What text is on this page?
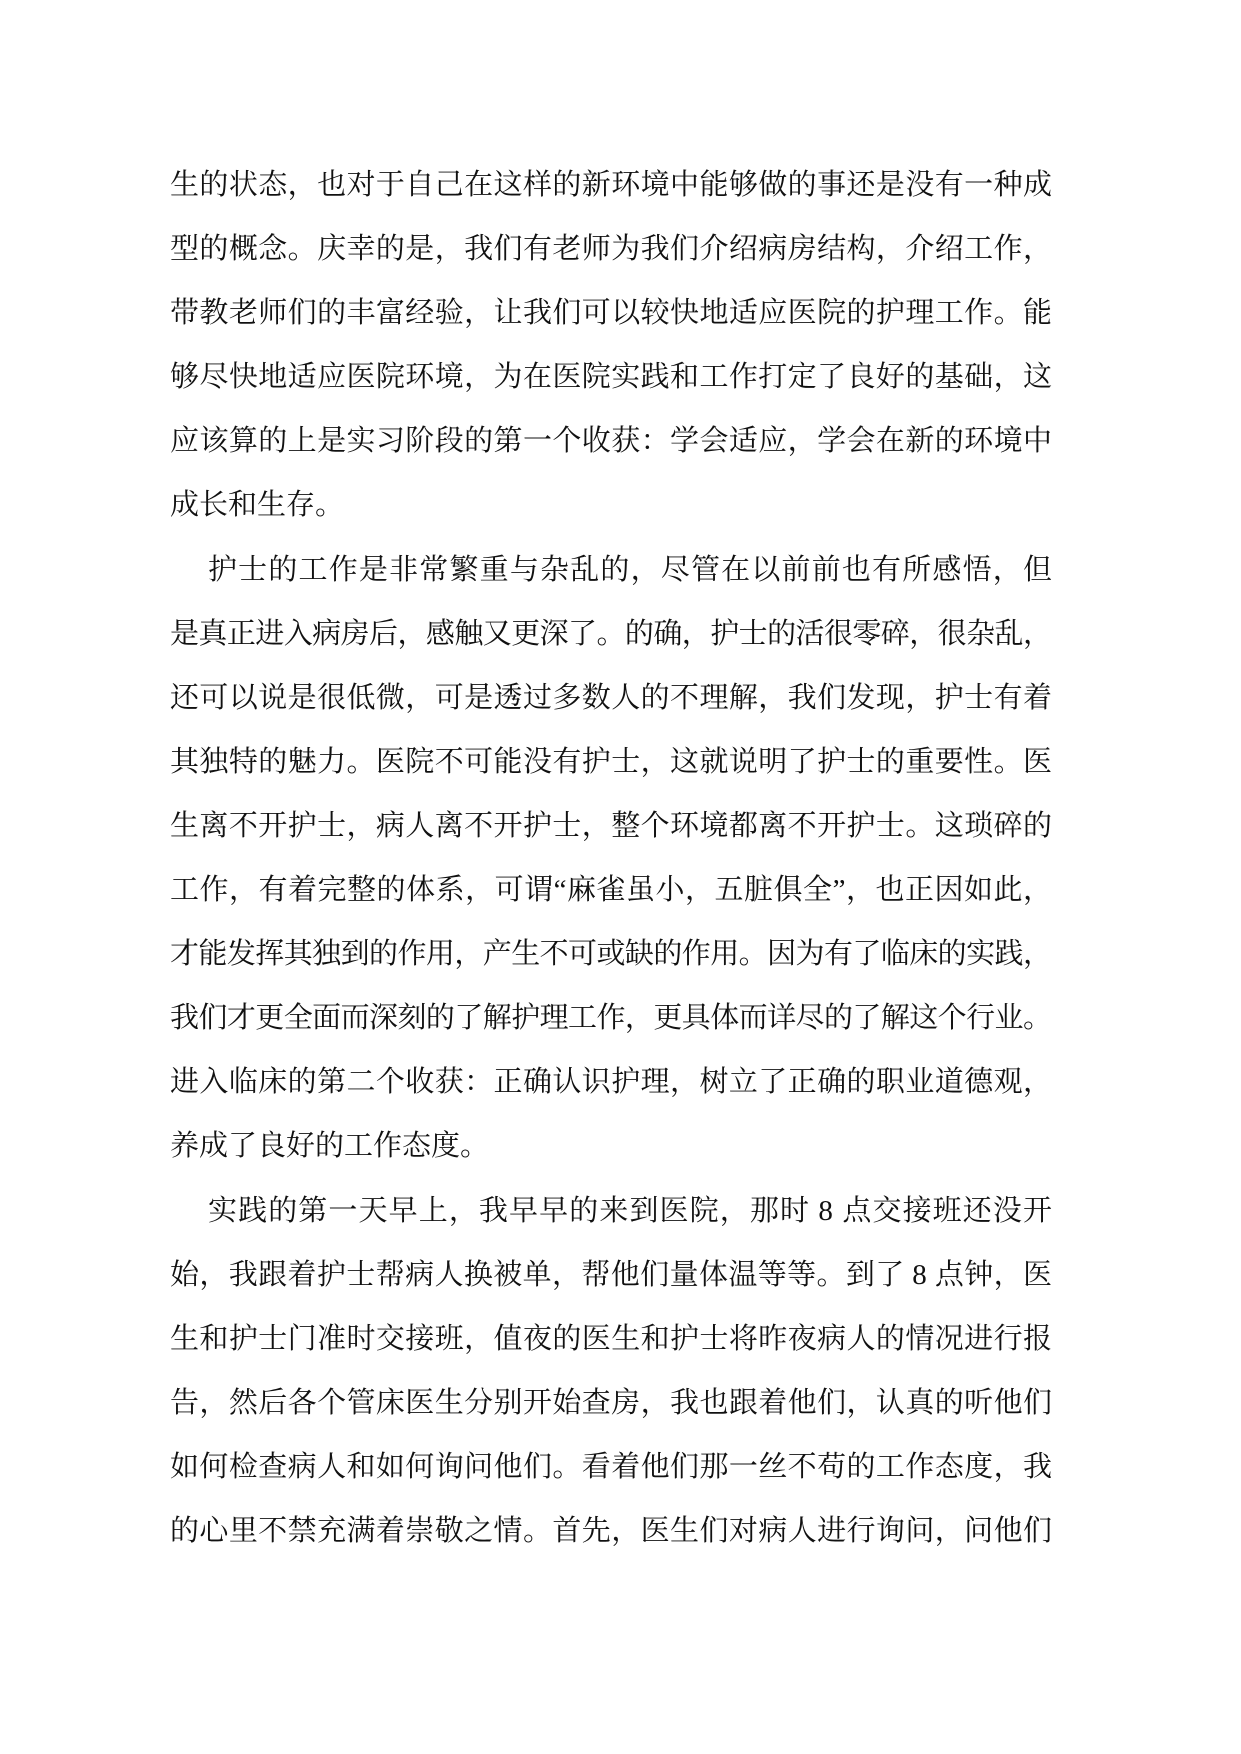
生的状态，也对于自己在这样的新环境中能够做的事还是没有一种成
型的概念。庆幸的是，我们有老师为我们介绍病房结构，介绍工作，
带教老师们的丰富经验，让我们可以较快地适应医院的护理工作。能
够尽快地适应医院环境，为在医院实践和工作打定了良好的基础，这
应该算的上是实习阶段的第一个收获：学会适应，学会在新的环境中
成长和生存。
护士的工作是非常繁重与杂乱的，尽管在以前前也有所感悟，但
是真正进入病房后，感触又更深了。的确，护士的活很零碎，很杂乱，
还可以说是很低微，可是透过多数人的不理解，我们发现，护士有着
其独特的魅力。医院不可能没有护士，这就说明了护士的重要性。医
生离不开护士，病人离不开护士，整个环境都离不开护士。这琐碎的
工作，有着完整的体系，可谓“麻雀虽小，五脏俱全”，也正因如此，
才能发挥其独到的作用，产生不可或缺的作用。因为有了临床的实践，
我们才更全面而深刻的了解护理工作，更具体而详尽的了解这个行业。
进入临床的第二个收获：正确认识护理，树立了正确的职业道德观，
养成了良好的工作态度。
实践的第一天早上，我早早的来到医院，那时 8 点交接班还没开
始，我跟着护士帮病人换被单，帮他们量体温等等。到了 8 点钟，医
生和护士门准时交接班，值夜的医生和护士将昨夜病人的情况进行报
告，然后各个管床医生分别开始查房，我也跟着他们，认真的听他们
如何检查病人和如何询问他们。看着他们那一丝不苟的工作态度，我
的心里不禁充满着崇敬之情。首先，医生们对病人进行询问，问他们
